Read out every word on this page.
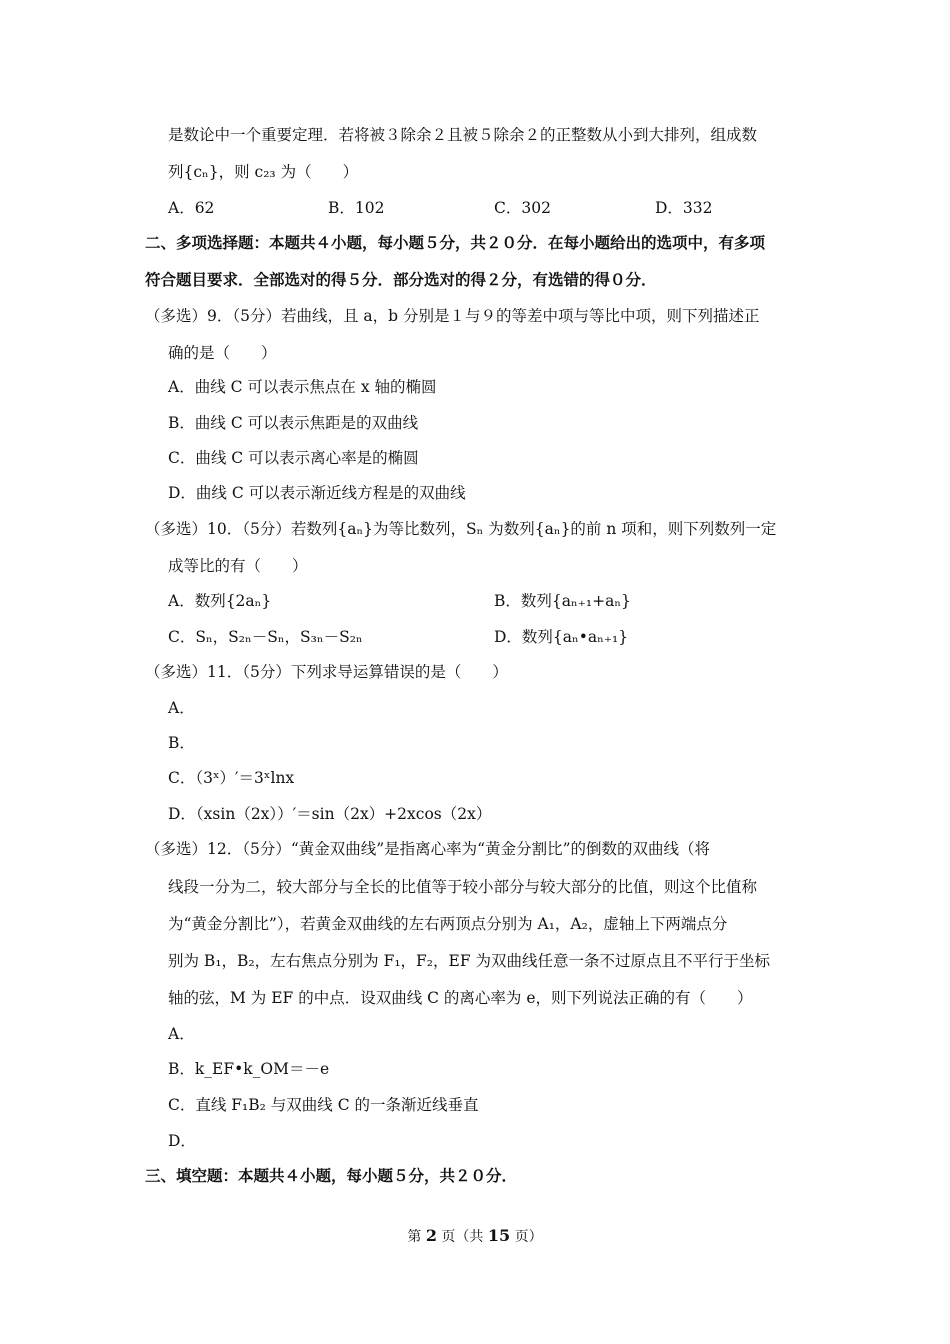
是数论中一个重要定理．若将被３除余２且被５除余２的正整数从小到大排列，组成数

列{cₙ}，则 c₂₃ 为（　　）

A．62	B．102	C．302	D．332

二、多项选择题：本题共４小题，每小题５分，共２０分．在每小题给出的选项中，有多项

符合题目要求．全部选对的得５分．部分选对的得２分，有选错的得０分．

（多选）9．（5分）若曲线，且 a，b 分别是１与９的等差中项与等比中项，则下列描述正

确的是（　　）

A．曲线 C 可以表示焦点在 x 轴的椭圆

B．曲线 C 可以表示焦距是的双曲线

C．曲线 C 可以表示离心率是的椭圆

D．曲线 C 可以表示渐近线方程是的双曲线

（多选）10．（5分）若数列{aₙ}为等比数列，Sₙ 为数列{aₙ}的前 n 项和，则下列数列一定

成等比的有（　　）

A．数列{2aₙ}	B．数列{aₙ₊₁+aₙ}

C．Sₙ，S₂ₙ－Sₙ，S₃ₙ－S₂ₙ	D．数列{aₙ•aₙ₊₁}

（多选）11．（5分）下列求导运算错误的是（　　）

A．

B．

C．（3ˣ）′＝3ˣlnx

D．（xsin（2x））′＝sin（2x）+2xcos（2x）

（多选）12．（5分）“黄金双曲线”是指离心率为“黄金分割比”的倒数的双曲线（将

线段一分为二，较大部分与全长的比值等于较小部分与较大部分的比值，则这个比值称

为“黄金分割比”），若黄金双曲线的左右两顶点分别为 A₁，A₂，虚轴上下两端点分

别为 B₁，B₂，左右焦点分别为 F₁，F₂，EF 为双曲线任意一条不过原点且不平行于坐标

轴的弦，M 为 EF 的中点．设双曲线 C 的离心率为 e，则下列说法正确的有（　　）

A．

B．k_EF•k_OM＝－e

C．直线 F₁B₂ 与双曲线 C 的一条渐近线垂直

D．

三、填空题：本题共４小题，每小题５分，共２０分．

第 2 页（共 15 页）
